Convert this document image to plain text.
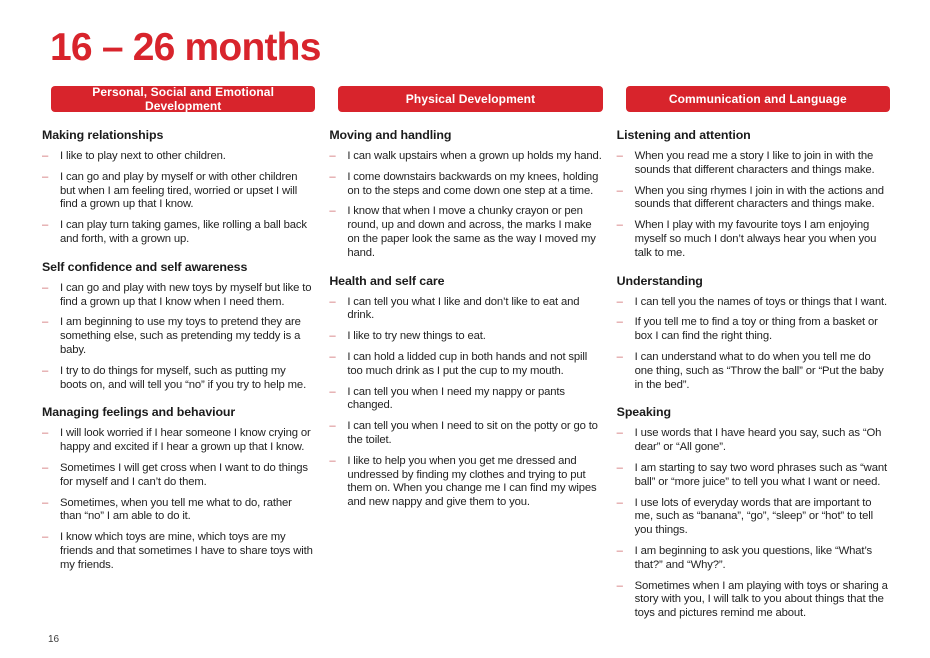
16 – 26 months
Personal, Social and Emotional Development
Making relationships
–	I like to play next to other children.
–	I can go and play by myself or with other children but when I am feeling tired, worried or upset I will find a grown up that I know.
–	I can play turn taking games, like rolling a ball back and forth, with a grown up.
Self confidence and self awareness
–	I can go and play with new toys by myself but like to find a grown up that I know when I need them.
–	I am beginning to use my toys to pretend they are something else, such as pretending my teddy is a baby.
–	I try to do things for myself, such as putting my boots on, and will tell you “no” if you try to help me.
Managing feelings and behaviour
–	I will look worried if I hear someone I know crying or happy and excited if I hear a grown up that I know.
–	Sometimes I will get cross when I want to do things for myself and I can’t do them.
–	Sometimes, when you tell me what to do, rather than “no” I am able to do it.
–	I know which toys are mine, which toys are my friends and that sometimes I have to share toys with my friends.
Physical Development
Moving and handling
–	I can walk upstairs when a grown up holds my hand.
–	I come downstairs backwards on my knees, holding on to the steps and come down one step at a time.
–	I know that when I move a chunky crayon or pen round, up and down and across, the marks I make on the paper look the same as the way I moved my hand.
Health and self care
–	I can tell you what I like and don’t like to eat and drink.
–	I like to try new things to eat.
–	I can hold a lidded cup in both hands and not spill too much drink as I put the cup to my mouth.
–	I can tell you when I need my nappy or pants changed.
–	I can tell you when I need to sit on the potty or go to the toilet.
–	I like to help you when you get me dressed and undressed by finding my clothes and trying to put them on. When you change me I can find my wipes and new nappy and give them to you.
Communication and Language
Listening and attention
–	When you read me a story I like to join in with the sounds that different characters and things make.
–	When you sing rhymes I join in with the actions and sounds that different characters and things make.
–	When I play with my favourite toys I am enjoying myself so much I don’t always hear you when you talk to me.
Understanding
–	I can tell you the names of toys or things that I want.
–	If you tell me to find a toy or thing from a basket or box I can find the right thing.
–	I can understand what to do when you tell me do one thing, such as “Throw the ball” or “Put the baby in the bed”.
Speaking
–	I use words that I have heard you say, such as “Oh dear” or “All gone”.
–	I am starting to say two word phrases such as “want ball” or “more juice” to tell you what I want or need.
–	I use lots of everyday words that are important to me, such as “banana”, “go”, “sleep” or “hot” to tell you things.
–	I am beginning to ask you questions, like “What’s that?” and “Why?”.
–	Sometimes when I am playing with toys or sharing a story with you, I will talk to you about things that the toys and pictures remind me about.
16
